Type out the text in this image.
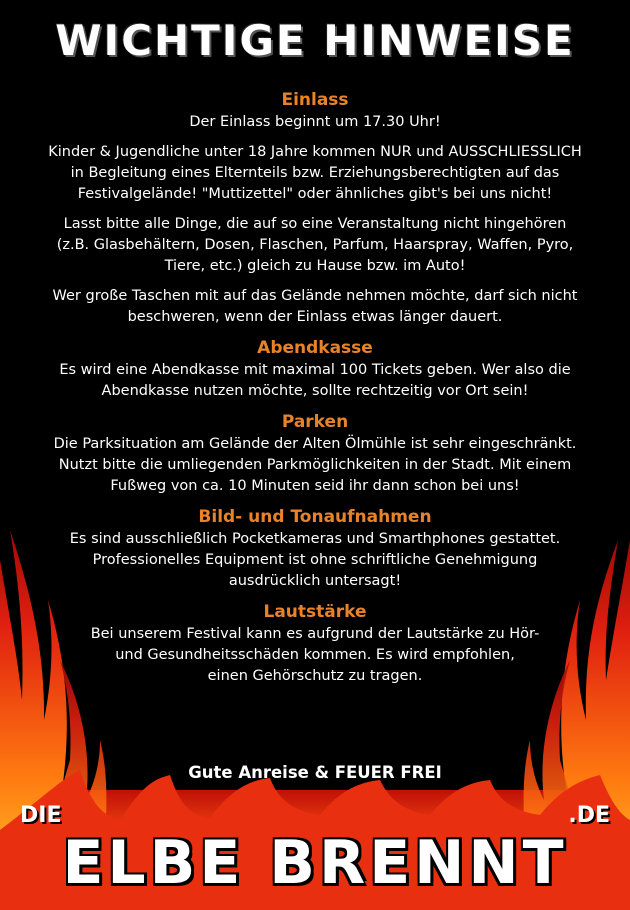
WICHTIGE HINWEISE
Einlass

Der Einlass beginnt um 17.30 Uhr!

Kinder & Jugendliche unter 18 Jahre kommen NUR und AUSSCHLIESSLICH
in Begleitung eines Elternteils bzw. Erziehungsberechtigten auf das
Festivalgelände! "Muttizettel" oder ähnliches gibt's bei uns nicht!

Lasst bitte alle Dinge, die auf so eine Veranstaltung nicht hingehören
(z.B. Glasbehältern, Dosen, Flaschen, Parfum, Haarspray, Waffen, Pyro,
Tiere, etc.) gleich zu Hause bzw. im Auto!

Wer große Taschen mit auf das Gelände nehmen möchte, darf sich nicht
beschweren, wenn der Einlass etwas länger dauert.

Abendkasse

Es wird eine Abendkasse mit maximal 100 Tickets geben. Wer also die
Abendkasse nutzen möchte, sollte rechtzeitig vor Ort sein!

Parken

Die Parksituation am Gelände der Alten Ölmühle ist sehr eingeschränkt.
Nutzt bitte die umliegenden Parkmöglichkeiten in der Stadt. Mit einem
Fußweg von ca. 10 Minuten seid ihr dann schon bei uns!

Bild- und Tonaufnahmen

Es sind ausschließlich Pocketkameras und Smarthphones gestattet.
Professionelles Equipment ist ohne schriftliche Genehmigung
ausdrücklich untersagt!

Lautstärke

Bei unserem Festival kann es aufgrund der Lautstärke zu Hör-
und Gesundheitsschäden kommen. Es wird empfohlen,
einen Gehörschutz zu tragen.

Gute Anreise & FEUER FREI
DIE	.DE
ELBE BRENNT
